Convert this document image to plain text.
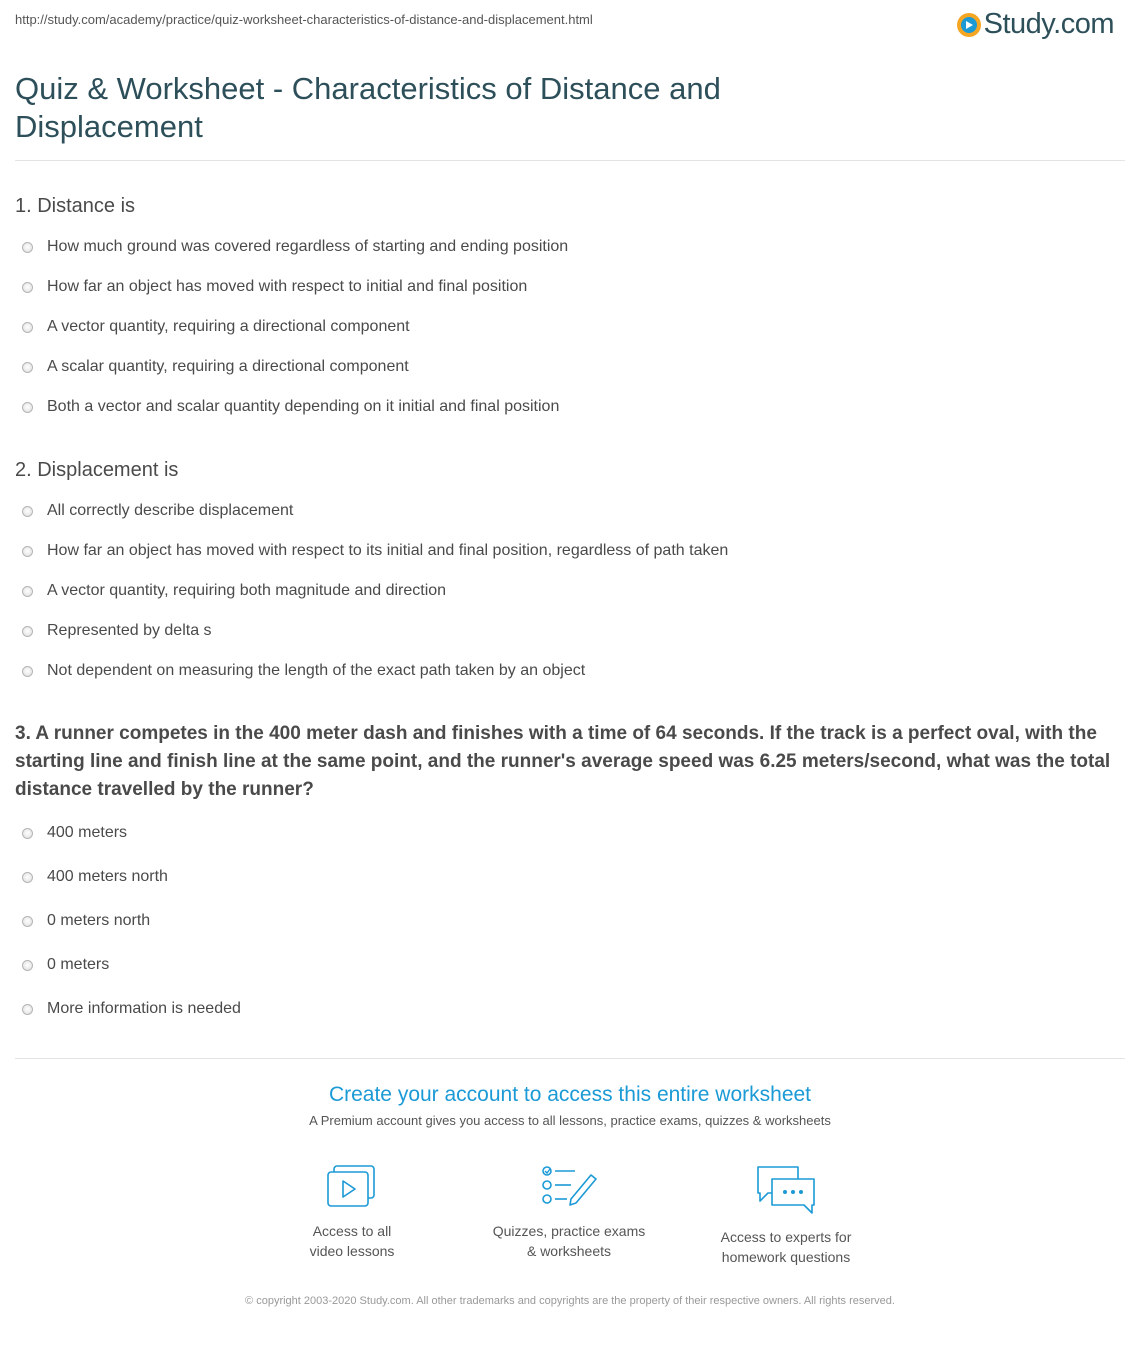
http://study.com/academy/practice/quiz-worksheet-characteristics-of-distance-and-displacement.html	Study.com
Quiz & Worksheet - Characteristics of Distance and Displacement
1. Distance is
How much ground was covered regardless of starting and ending position
How far an object has moved with respect to initial and final position
A vector quantity, requiring a directional component
A scalar quantity, requiring a directional component
Both a vector and scalar quantity depending on it initial and final position
2. Displacement is
All correctly describe displacement
How far an object has moved with respect to its initial and final position, regardless of path taken
A vector quantity, requiring both magnitude and direction
Represented by delta s
Not dependent on measuring the length of the exact path taken by an object
3. A runner competes in the 400 meter dash and finishes with a time of 64 seconds. If the track is a perfect oval, with the starting line and finish line at the same point, and the runner's average speed was 6.25 meters/second, what was the total distance travelled by the runner?
400 meters
400 meters north
0 meters north
0 meters
More information is needed
Create your account to access this entire worksheet
A Premium account gives you access to all lessons, practice exams, quizzes & worksheets
Access to all
video lessons
Quizzes, practice exams
& worksheets
Access to experts for
homework questions
© copyright 2003-2020 Study.com. All other trademarks and copyrights are the property of their respective owners. All rights reserved.
